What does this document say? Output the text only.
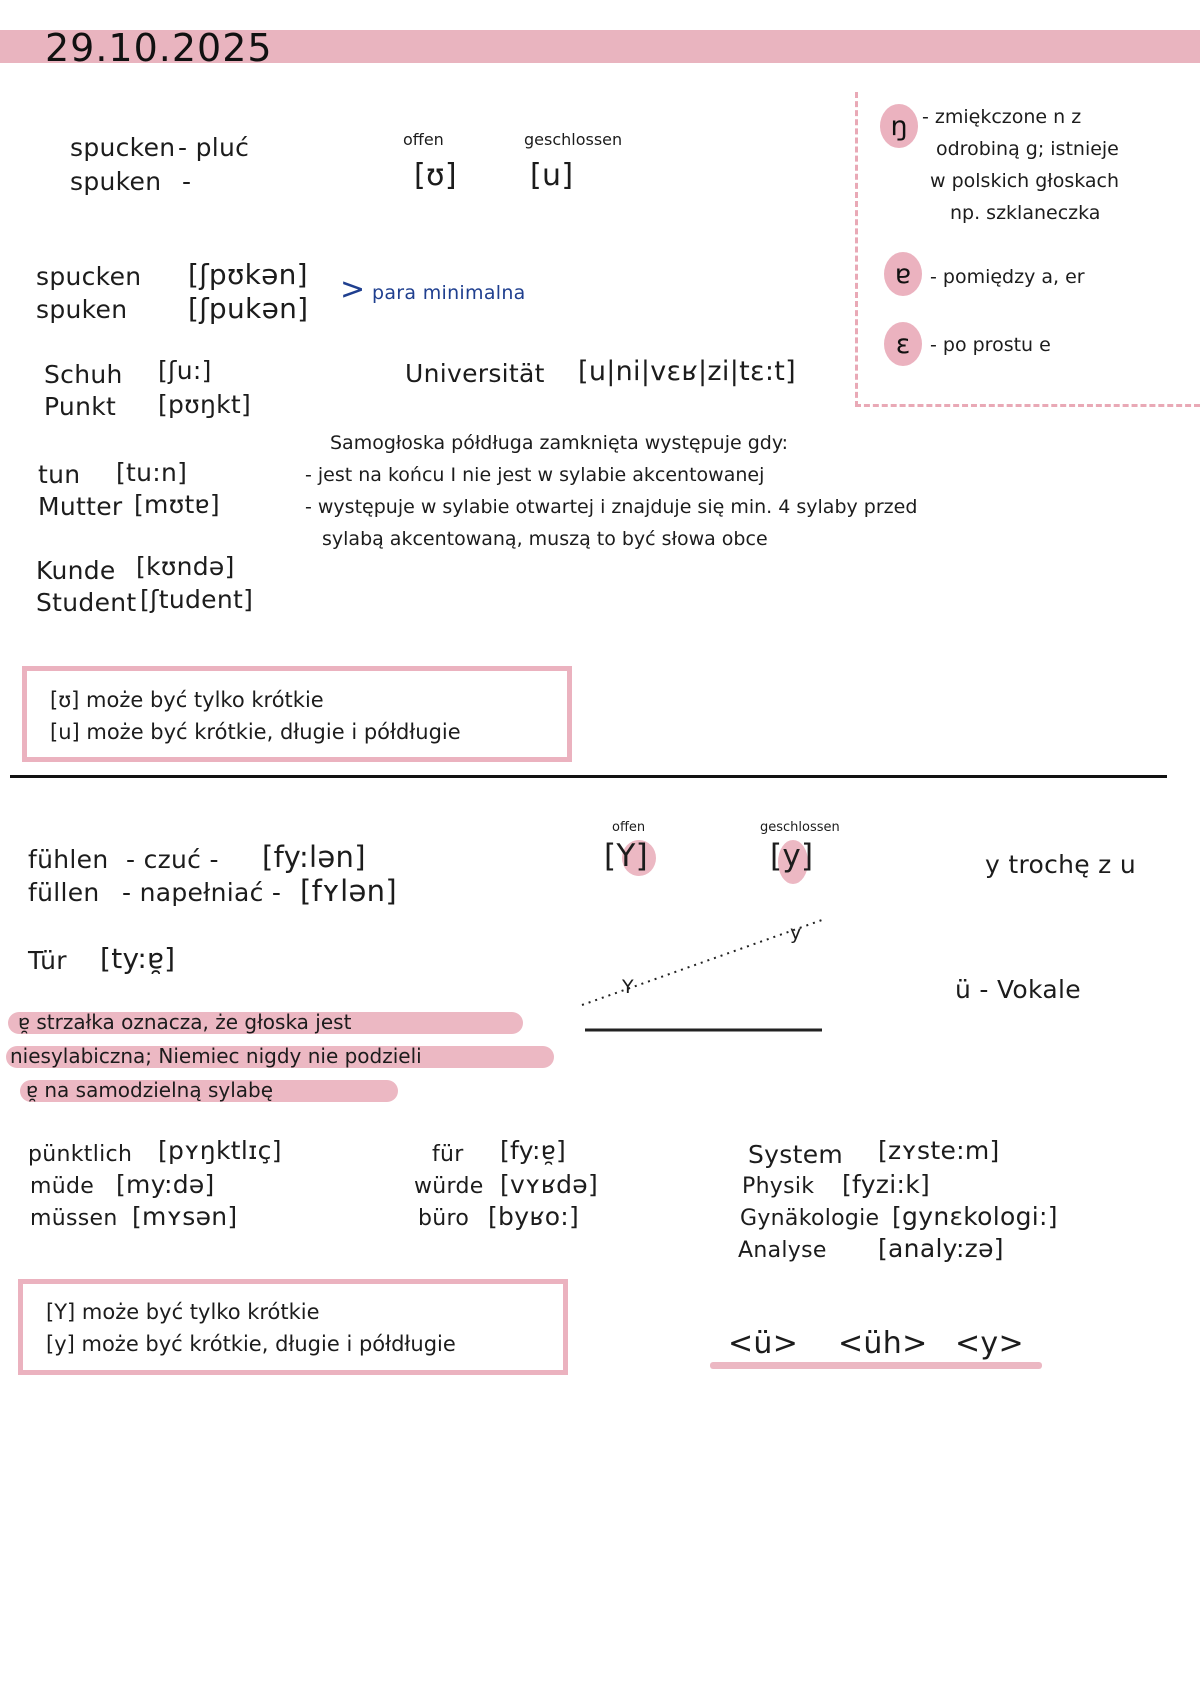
29.10.2025
spucken - pluć
spuken -
offen
[ʊ]
geschlossen
[u]
spucken [ʃpʊkən]
spuken [ʃpukən]
> para minimalna
Schuh [ʃu:]
Punkt [pʊŋkt]
tun [tu:n]
Mutter [mʊtɐ]
Kunde [kʊndə]
Student [ʃtudent]
Universität [u|ni|vɛʁ|zi|tɛ:t]
Samogłoska półdługa zamknięta występuje gdy:
- jest na końcu I nie jest w sylabie akcentowanej
- występuje w sylabie otwartej i znajduje się min. 4 sylaby przed
sylabą akcentowaną, muszą to być słowa obce
ŋ - zmiękczone n z
odrobiną g; istnieje
w polskich głoskach
np. szklaneczka
ɐ - pomiędzy a, er
ɛ	- po prostu e
[ʊ] może być tylko krótkie
[u] może być krótkie, długie i półdługie
fühlen - czuć - [fy:lən]
füllen - napełniać - [fʏlən]
offen
[Y]
geschlossen
[y]	y trochę z u
Tür [ty:ɐ̯]
y
Y	ü - Vokale
ɐ̯ strzałka oznacza, że głoska jest
niesylabiczna; Niemiec nigdy nie podzieli
ɐ̯ na samodzielną sylabę
pünktlich [pʏŋktlɪç]
müde [my:də]
müssen [mʏsən]
für [fy:ɐ̯]
würde [vʏʁdə]
büro [byʁo:]
System [zʏste:m]
Physik [fyzi:k]
Gynäkologie [gynɛkologi:]
Analyse [analy:zə]
[Y] może być tylko krótkie
[y] może być krótkie, długie i półdługie	<ü> <üh> <y>
